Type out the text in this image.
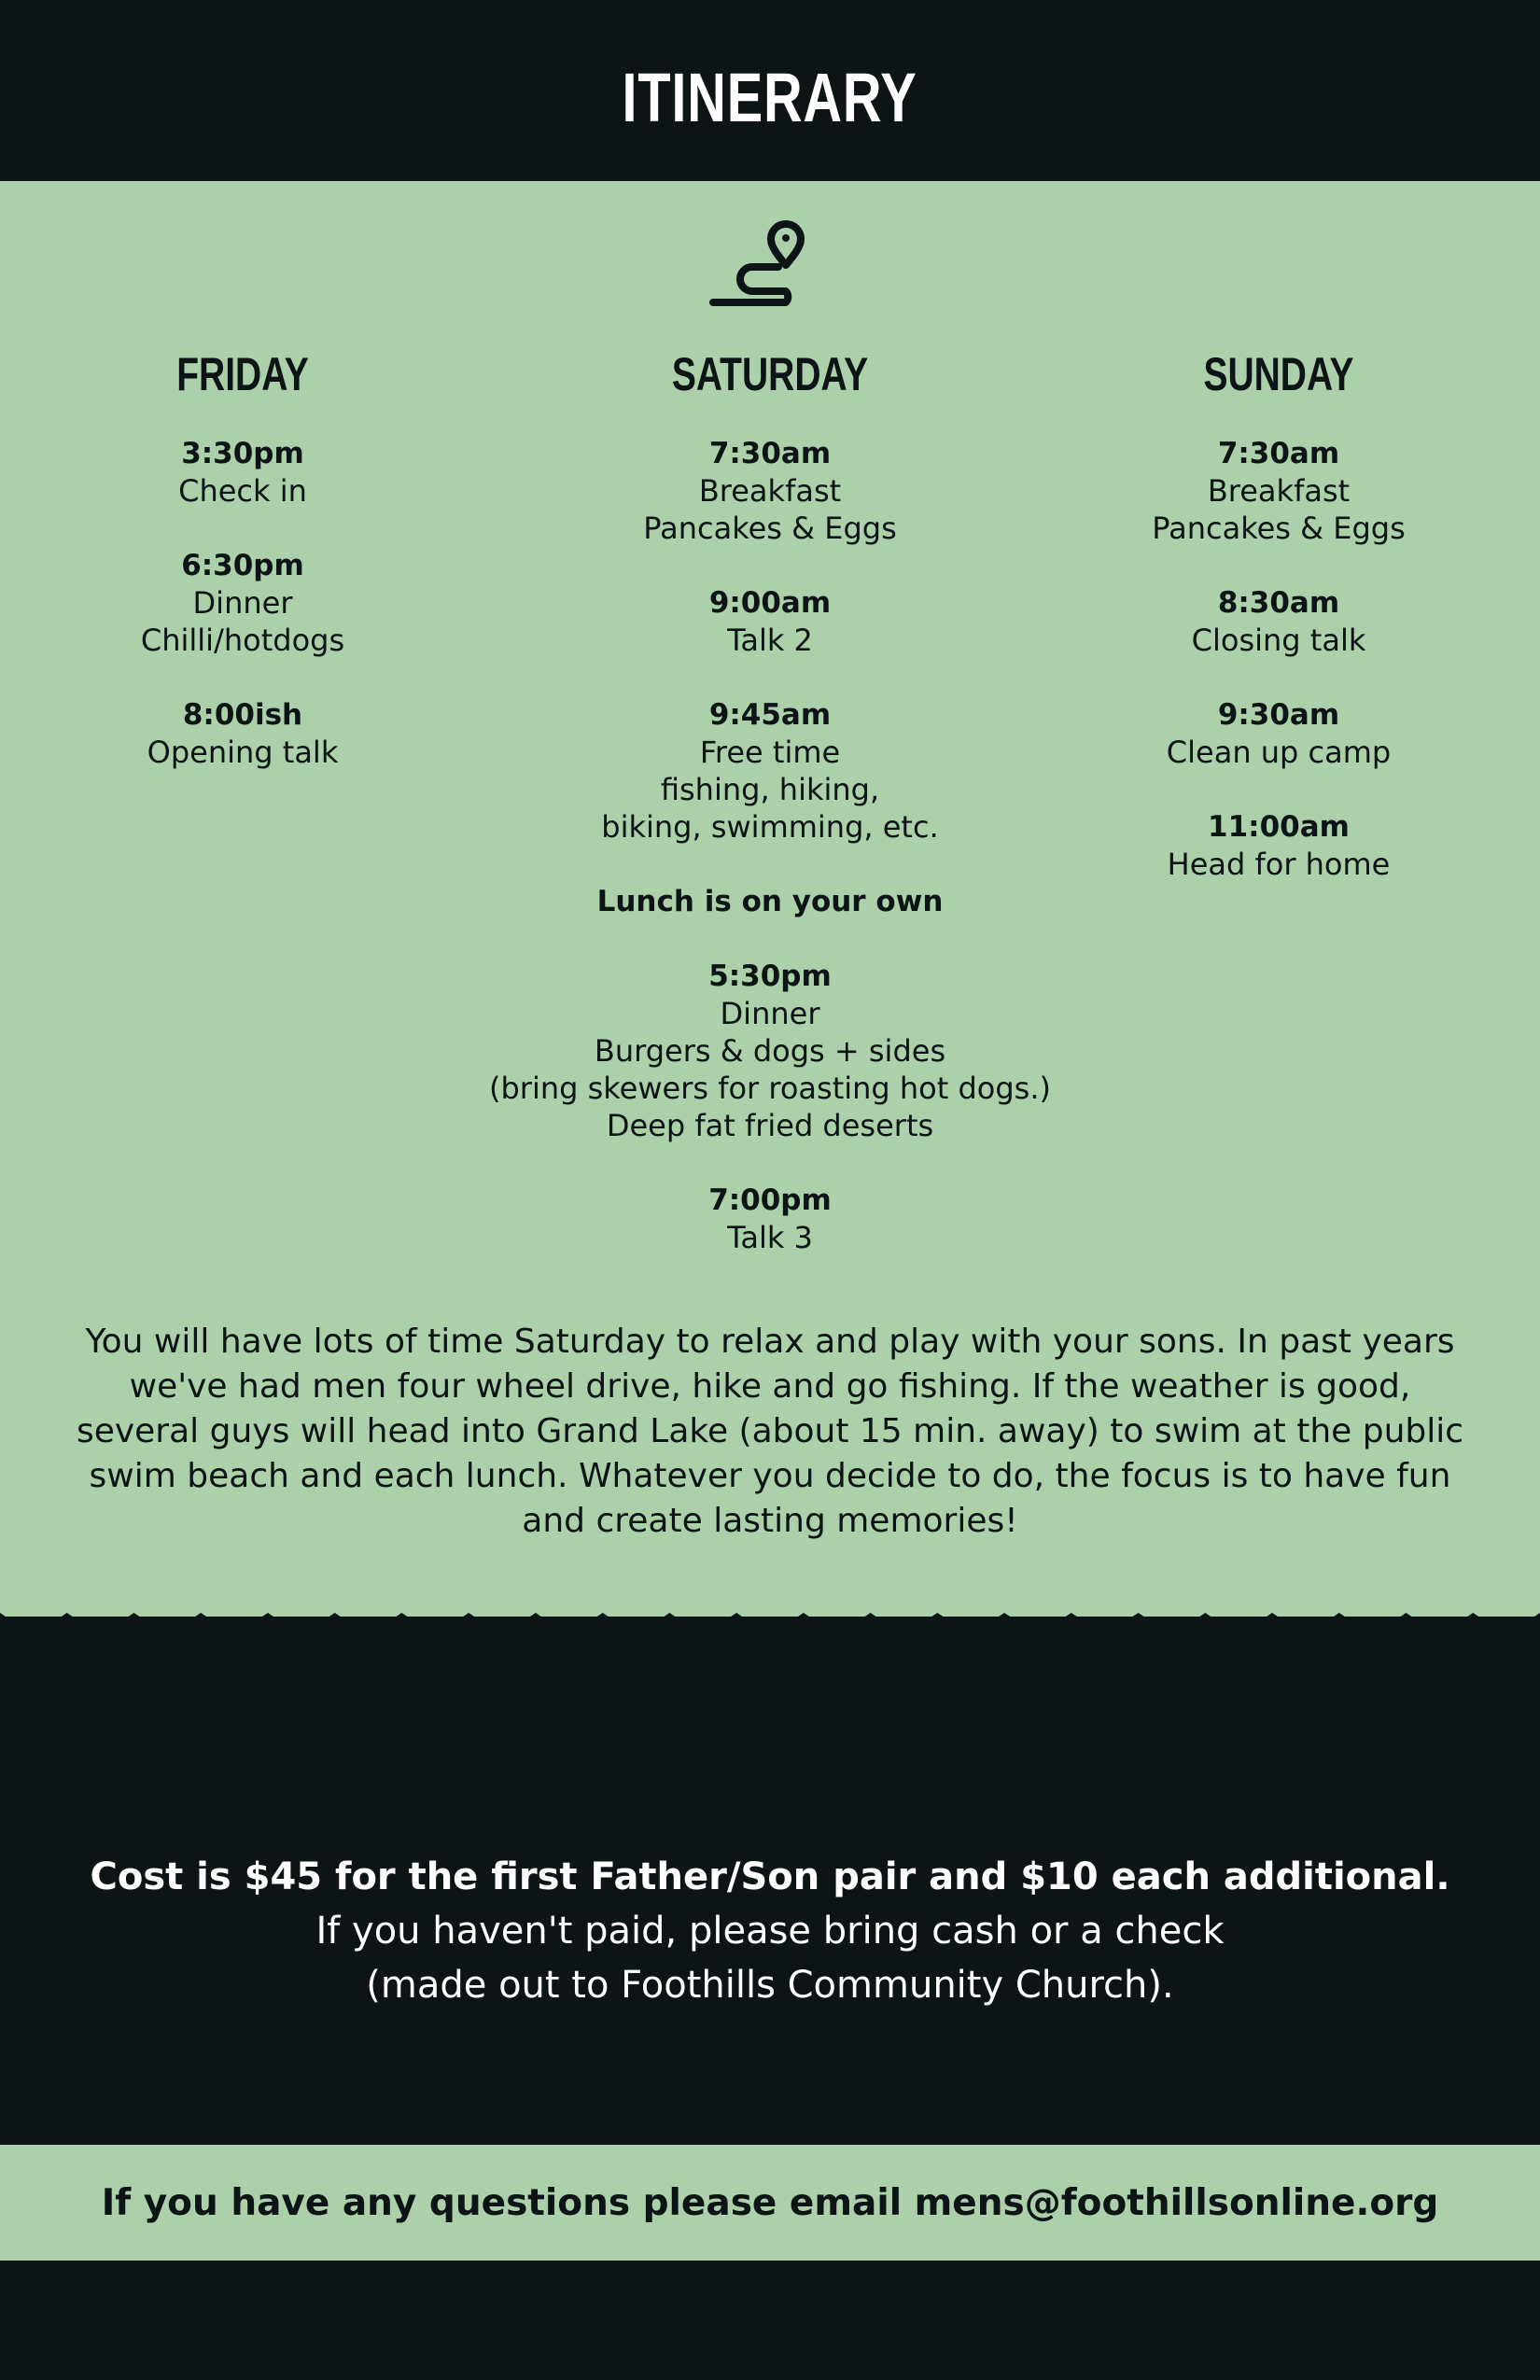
ITINERARY
FRIDAY
3:30pm
Check in
6:30pm
Dinner
Chilli/hotdogs
8:00ish
Opening talk
SATURDAY
7:30am
Breakfast
Pancakes & Eggs
9:00am
Talk 2
9:45am
Free time
fishing, hiking,
biking, swimming, etc.
Lunch is on your own
5:30pm
Dinner
Burgers & dogs + sides
(bring skewers for roasting hot dogs.)
Deep fat fried deserts
7:00pm
Talk 3
SUNDAY
7:30am
Breakfast
Pancakes & Eggs
8:30am
Closing talk
9:30am
Clean up camp
11:00am
Head for home
You will have lots of time Saturday to relax and play with your sons. In past years
we've had men four wheel drive, hike and go fishing. If the weather is good,
several guys will head into Grand Lake (about 15 min. away) to swim at the public
swim beach and each lunch. Whatever you decide to do, the focus is to have fun
and create lasting memories!
Cost is $45 for the first Father/Son pair and $10 each additional.
If you haven't paid, please bring cash or a check
(made out to Foothills Community Church).
If you have any questions please email mens@foothillsonline.org
